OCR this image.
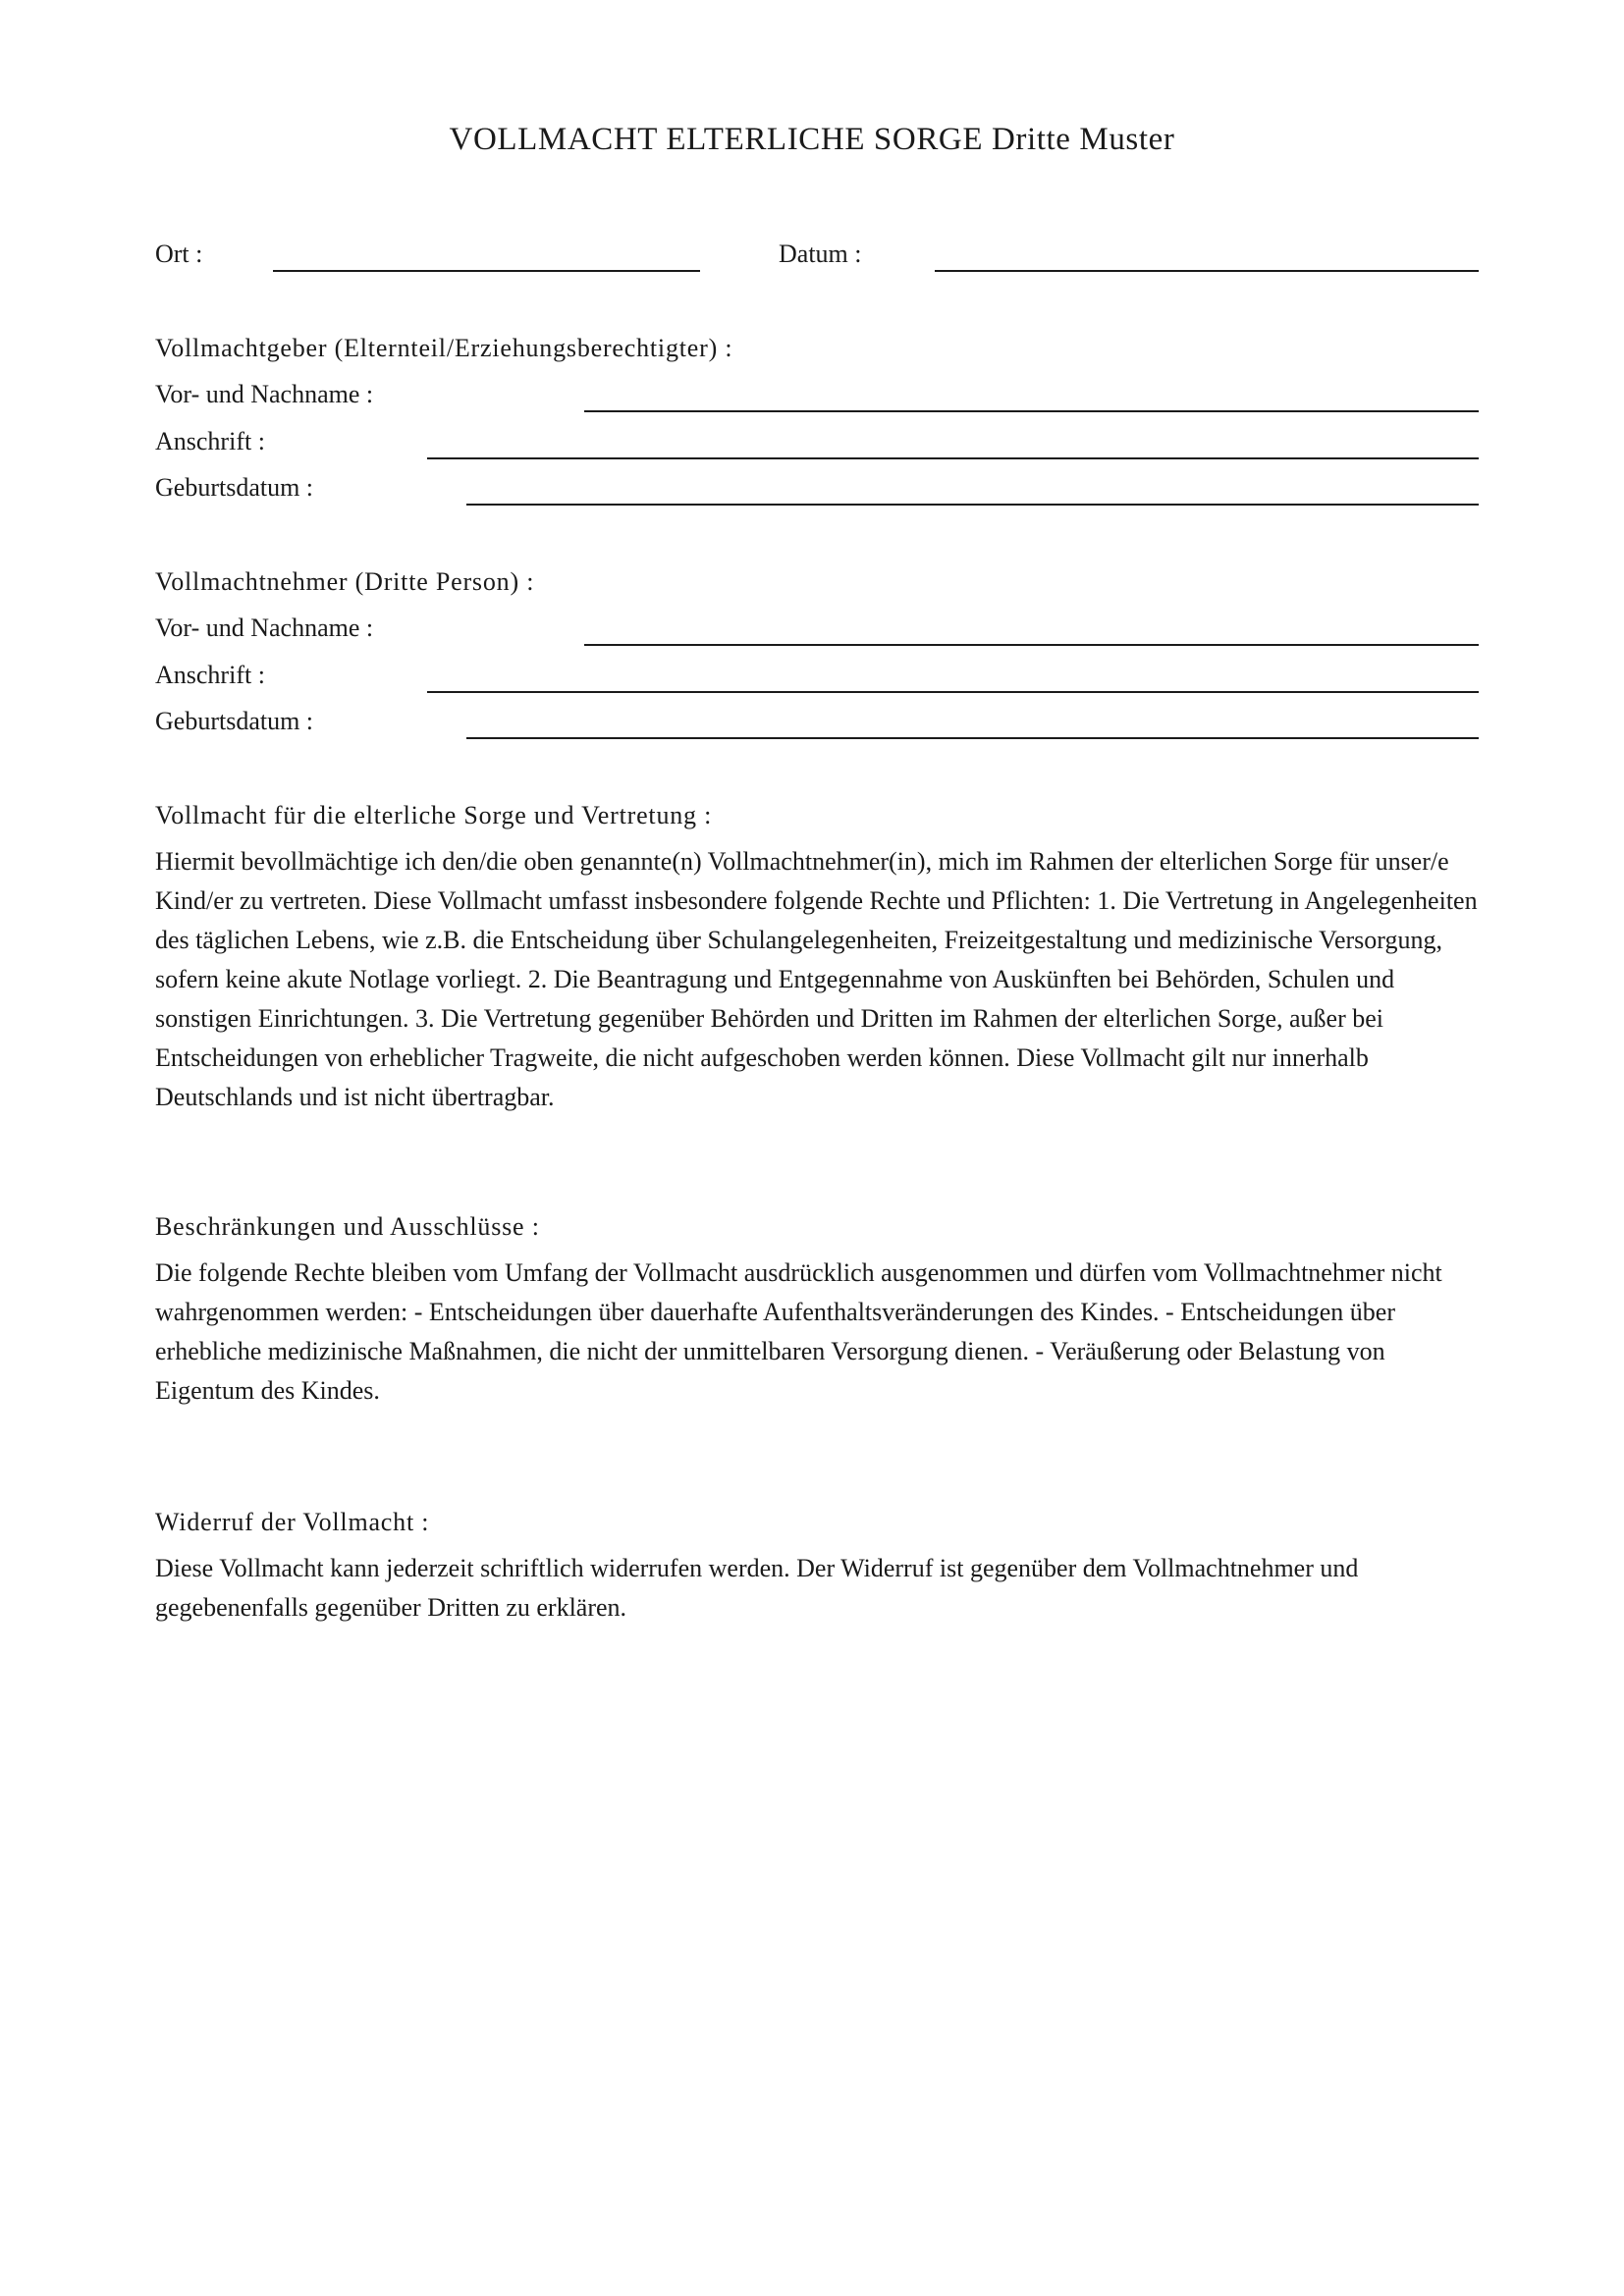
VOLLMACHT ELTERLICHE SORGE Dritte Muster
Ort :	Datum :
Vollmachtgeber (Elternteil/Erziehungsberechtigter) :
Vor- und Nachname :
Anschrift :
Geburtsdatum :
Vollmachtnehmer (Dritte Person) :
Vor- und Nachname :
Anschrift :
Geburtsdatum :
Vollmacht für die elterliche Sorge und Vertretung :
Hiermit bevollmächtige ich den/die oben genannte(n) Vollmachtnehmer(in), mich im Rahmen der elterlichen Sorge für unser/e Kind/er zu vertreten. Diese Vollmacht umfasst insbesondere folgende Rechte und Pflichten: 1. Die Vertretung in Angelegenheiten des täglichen Lebens, wie z.B. die Entscheidung über Schulangelegenheiten, Freizeitgestaltung und medizinische Versorgung, sofern keine akute Notlage vorliegt. 2. Die Beantragung und Entgegennahme von Auskünften bei Behörden, Schulen und sonstigen Einrichtungen. 3. Die Vertretung gegenüber Behörden und Dritten im Rahmen der elterlichen Sorge, außer bei Entscheidungen von erheblicher Tragweite, die nicht aufgeschoben werden können. Diese Vollmacht gilt nur innerhalb Deutschlands und ist nicht übertragbar.
Beschränkungen und Ausschlüsse :
Die folgende Rechte bleiben vom Umfang der Vollmacht ausdrücklich ausgenommen und dürfen vom Vollmachtnehmer nicht wahrgenommen werden: - Entscheidungen über dauerhafte Aufenthaltsveränderungen des Kindes. - Entscheidungen über erhebliche medizinische Maßnahmen, die nicht der unmittelbaren Versorgung dienen. - Veräußerung oder Belastung von Eigentum des Kindes.
Widerruf der Vollmacht :
Diese Vollmacht kann jederzeit schriftlich widerrufen werden. Der Widerruf ist gegenüber dem Vollmachtnehmer und gegebenenfalls gegenüber Dritten zu erklären.
